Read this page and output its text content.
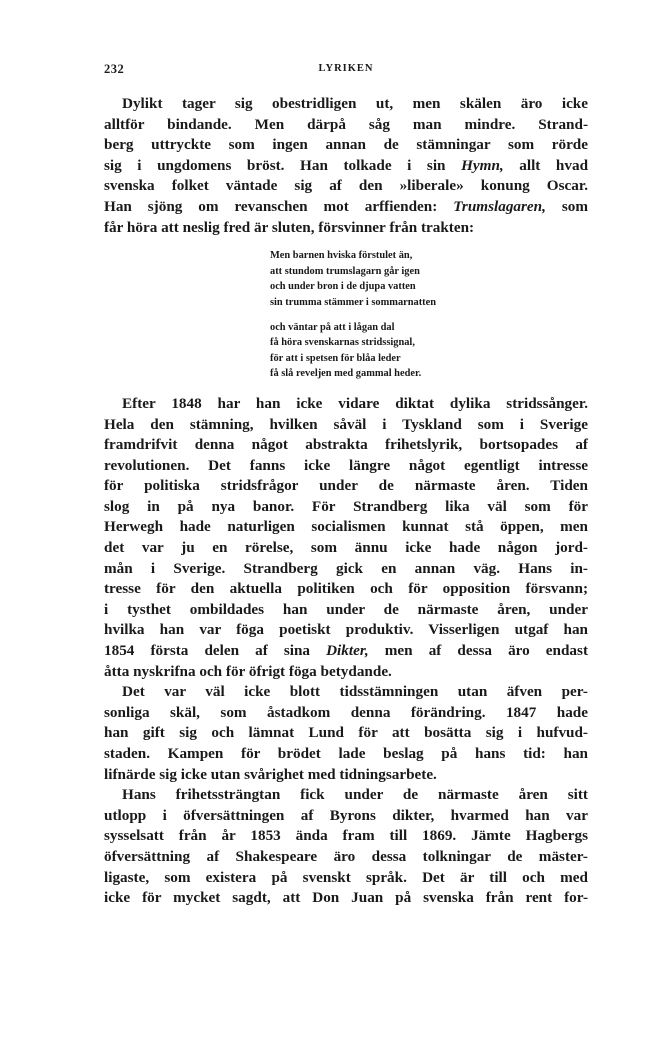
232	LYRIKEN

Dylikt tager sig obestridligen ut, men skälen äro icke
alltför bindande. Men därpå såg man mindre. Strand-
berg uttryckte som ingen annan de stämningar som rörde
sig i ungdomens bröst. Han tolkade i sin Hymn, allt hvad
svenska folket väntade sig af den »liberale» konung Oscar.
Han sjöng om revanschen mot arffienden: Trumslagaren, som
får höra att neslig fred är sluten, försvinner från trakten:

Men barnen hviska förstulet än,
att stundom trumslagarn går igen
och under bron i de djupa vatten
sin trumma stämmer i sommarnatten
och väntar på att i lågan dal
få höra svenskarnas stridssignal,
för att i spetsen för blåa leder
få slå reveljen med gammal heder.

Efter 1848 har han icke vidare diktat dylika stridssånger.
Hela den stämning, hvilken såväl i Tyskland som i Sverige
framdrifvit denna något abstrakta frihetslyrik, bortsopades af
revolutionen. Det fanns icke längre något egentligt intresse
för politiska stridsfrågor under de närmaste åren. Tiden
slog in på nya banor. För Strandberg lika väl som för
Herwegh hade naturligen socialismen kunnat stå öppen, men
det var ju en rörelse, som ännu icke hade någon jord-
mån i Sverige. Strandberg gick en annan väg. Hans in-
tresse för den aktuella politiken och för opposition försvann;
i tysthet ombildades han under de närmaste åren, under
hvilka han var föga poetiskt produktiv. Visserligen utgaf han
1854 första delen af sina Dikter, men af dessa äro endast
åtta nyskrifna och för öfrigt föga betydande.

Det var väl icke blott tidsstämningen utan äfven per-
sonliga skäl, som åstadkom denna förändring. 1847 hade
han gift sig och lämnat Lund för att bosätta sig i hufvud-
staden. Kampen för brödet lade beslag på hans tid: han
lifnärde sig icke utan svårighet med tidningsarbete.

Hans frihetssträngtan fick under de närmaste åren sitt
utlopp i öfversättningen af Byrons dikter, hvarmed han var
sysselsatt från år 1853 ända fram till 1869. Jämte Hagbergs
öfversättning af Shakespeare äro dessa tolkningar de mäster-
ligaste, som existera på svenskt språk. Det är till och med
icke för mycket sagdt, att Don Juan på svenska från rent for-
